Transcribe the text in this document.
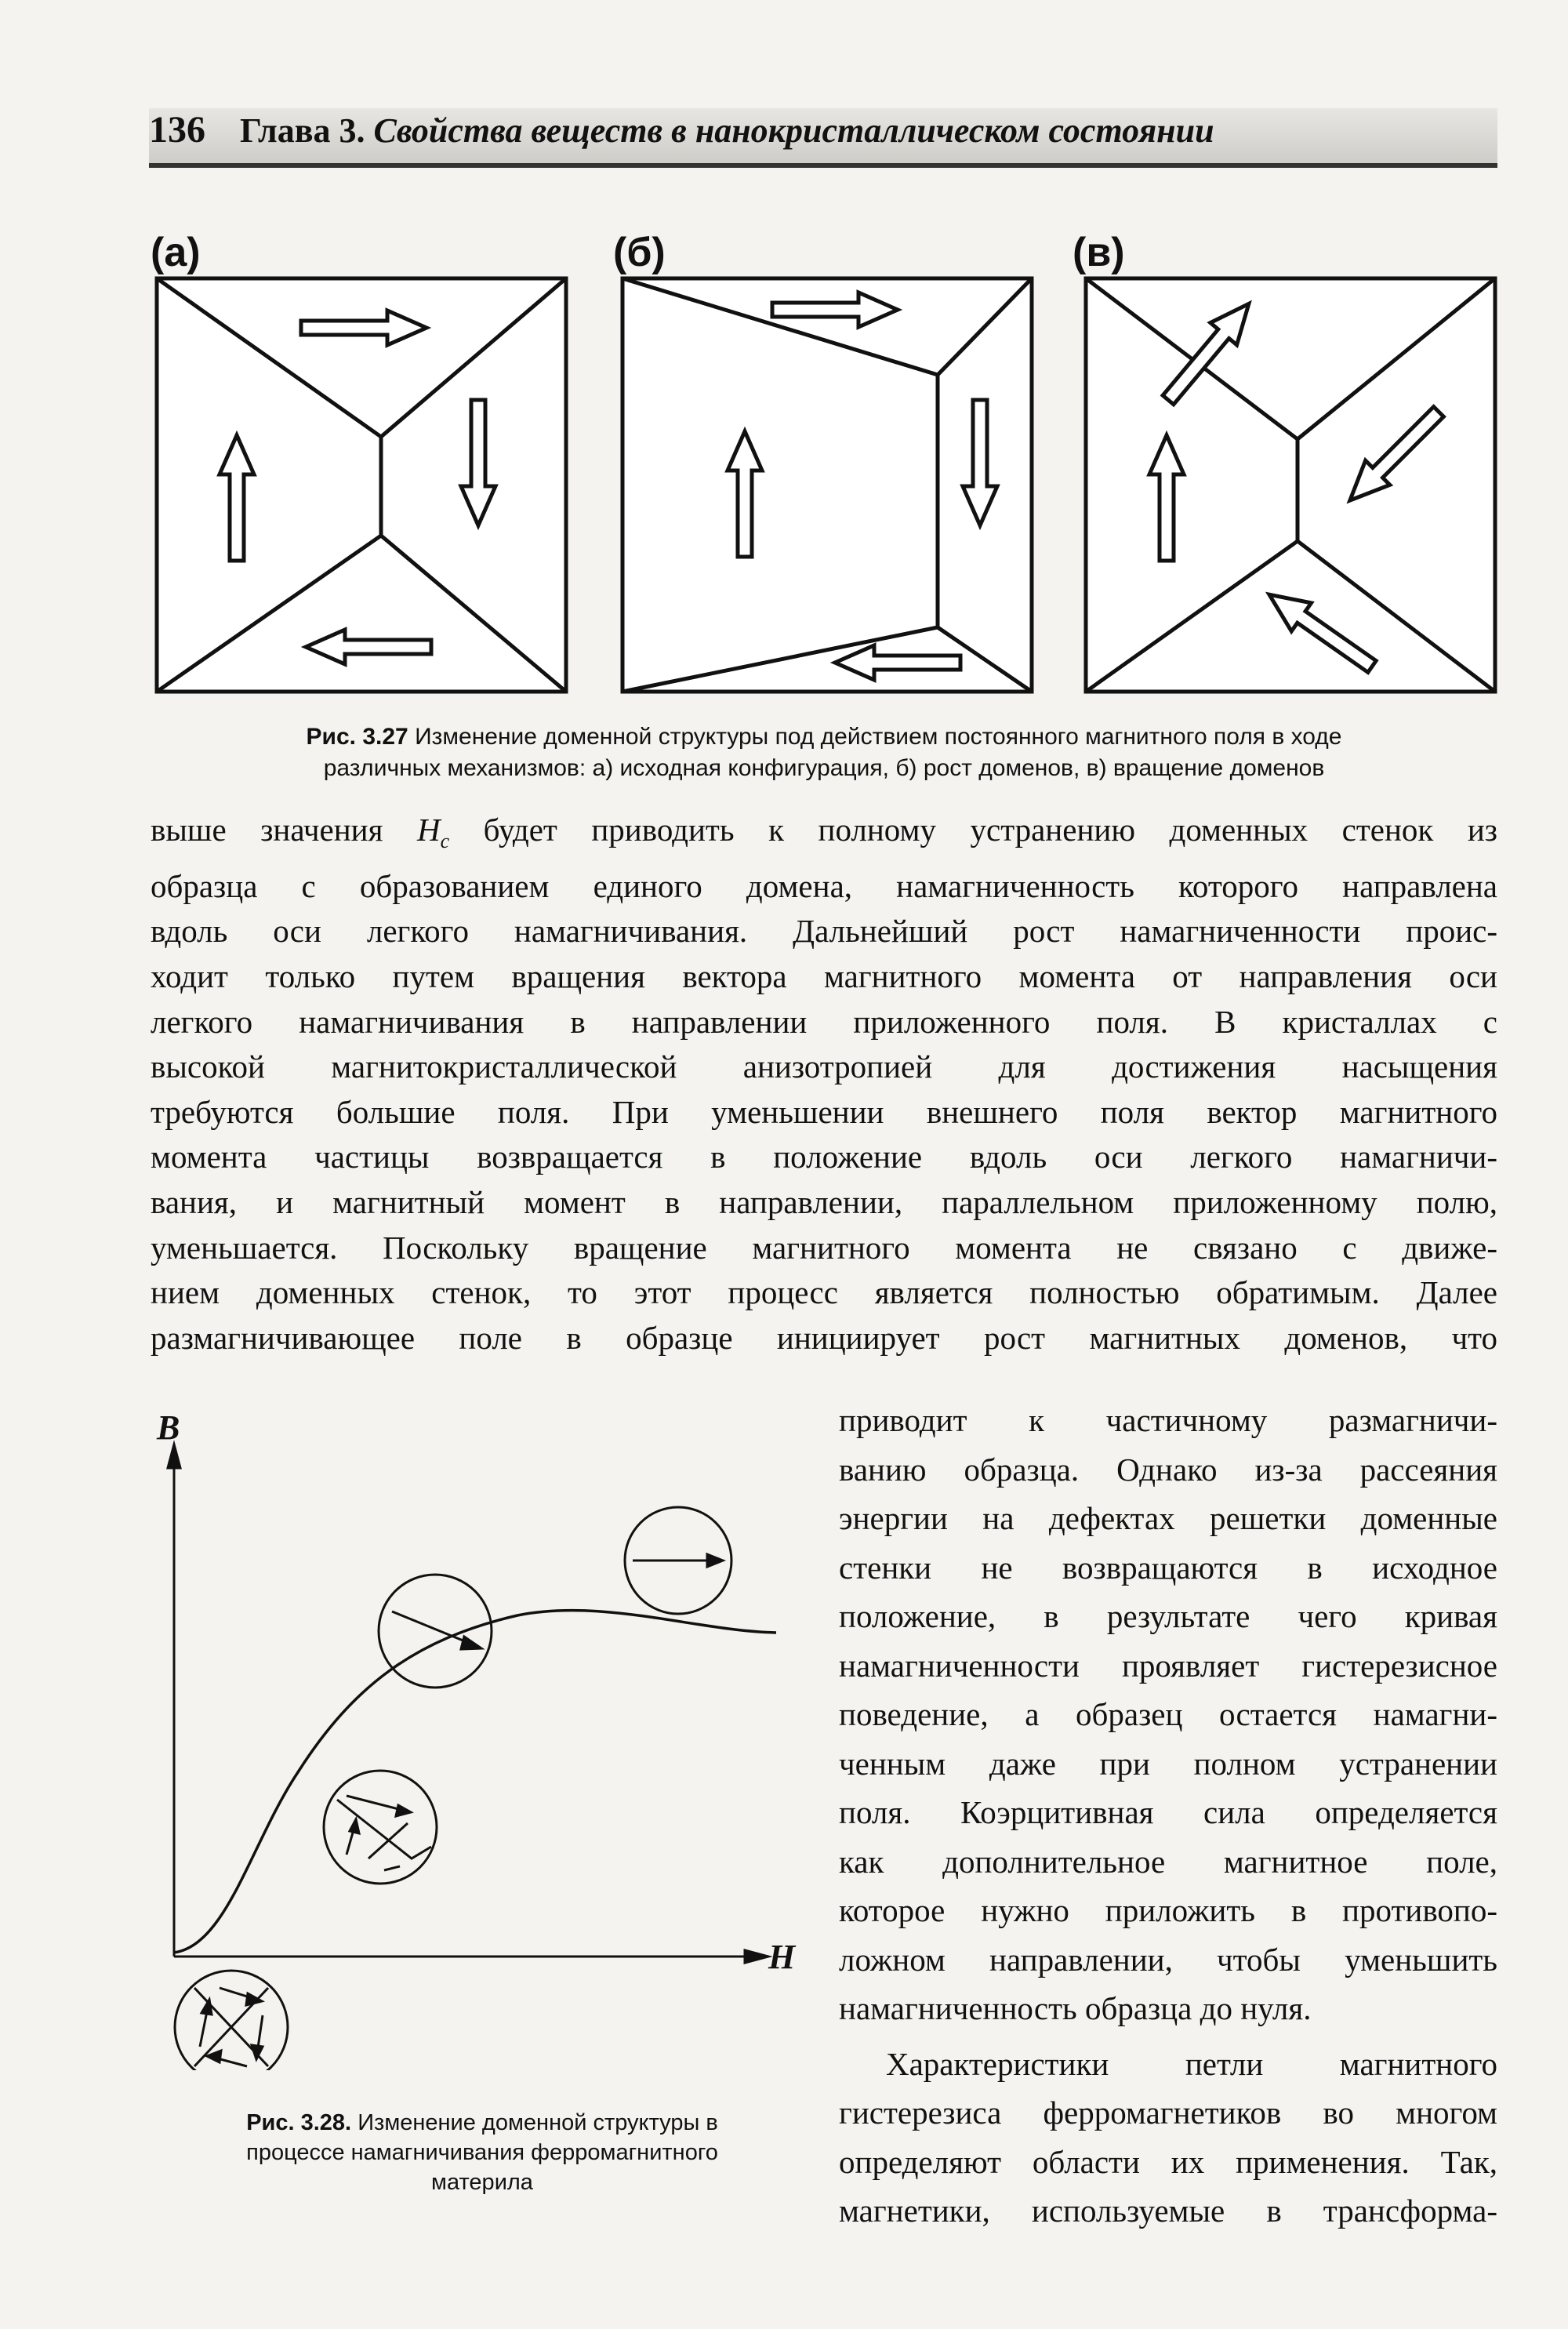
136 Глава 3. Свойства веществ в нанокристаллическом состоянии
(а)	(б)	(в)
Рис. 3.27 Изменение доменной структуры под действием постоянного магнитного поля в ходе
различных механизмов: а) исходная конфигурация, б) рост доменов, в) вращение доменов
выше значения $H_c$ будет приводить к полному устранению доменных стенок из
образца с образованием единого домена, намагниченность которого направлена
вдоль оси легкого намагничивания. Дальнейший рост намагниченности проис-
ходит только путем вращения вектора магнитного момента от направления оси
легкого намагничивания в направлении приложенного поля. В кристаллах с
высокой магнитокристаллической анизотропией для достижения насыщения
требуются большие поля. При уменьшении внешнего поля вектор магнитного
момента частицы возвращается в положение вдоль оси легкого намагничи-
вания, и магнитный момент в направлении, параллельном приложенному полю,
уменьшается. Поскольку вращение магнитного момента не связано с движе-
нием доменных стенок, то этот процесс является полностью обратимым. Далее
размагничивающее поле в образце инициирует рост магнитных доменов, что
приводит к частичному размагничи-
ванию образца. Однако из-за рассеяния
энергии на дефектах решетки доменные
стенки не возвращаются в исходное
положение, в результате чего кривая
намагниченности проявляет гистерезисное
поведение, а образец остается намагни-
ченным даже при полном устранении
поля. Коэрцитивная сила определяется
как дополнительное магнитное поле,
которое нужно приложить в противопо-
ложном направлении, чтобы уменьшить
намагниченность образца до нуля.
Характеристики петли магнитного
гистерезиса ферромагнетиков во многом
определяют области их применения. Так,
магнетики, используемые в трансформа-
B
H
Рис. 3.28. Изменение доменной структуры в
процессе намагничивания ферромагнитного
материла
